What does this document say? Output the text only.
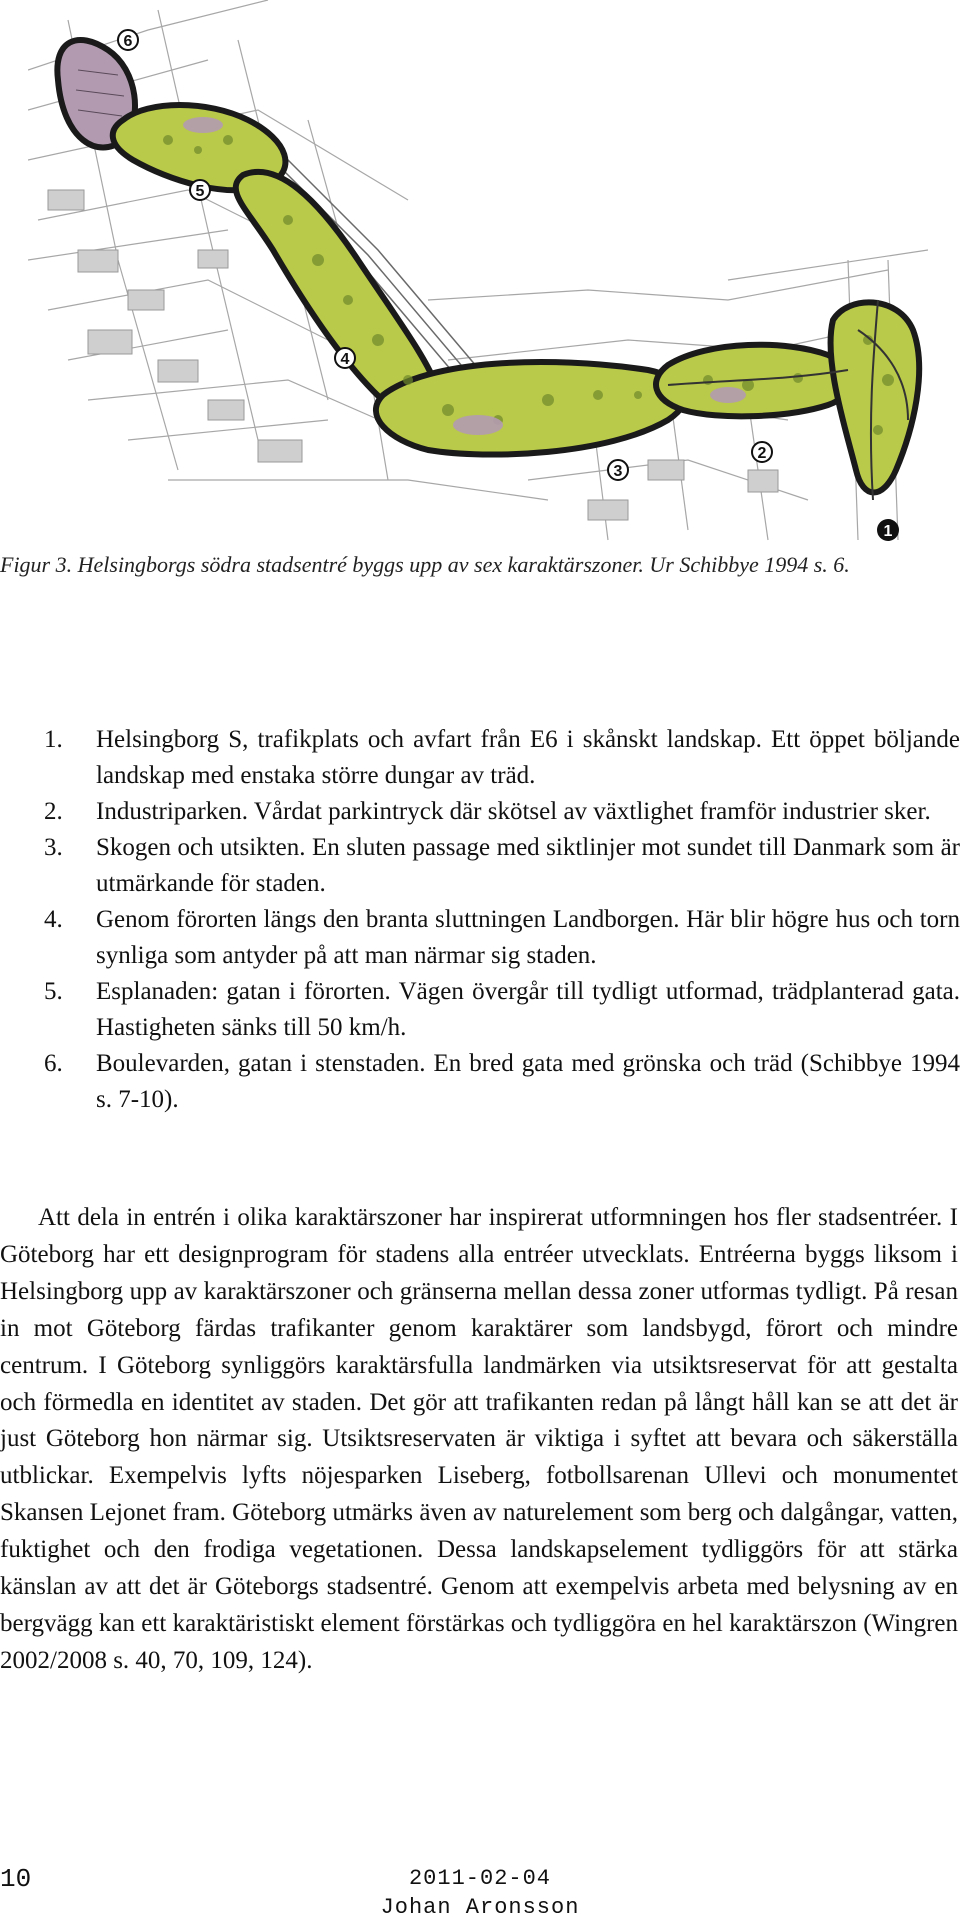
1
2
3
4
5
6

Figur 3. Helsingborgs södra stadsentré byggs upp av sex karaktärszoner. Ur Schibbye 1994 s. 6.

1. Helsingborg S, trafikplats och avfart från E6 i skånskt landskap. Ett öppet böljande landskap med enstaka större dungar av träd.
2. Industriparken. Vårdat parkintryck där skötsel av växtlighet framför industrier sker.
3. Skogen och utsikten. En sluten passage med siktlinjer mot sundet till Danmark som är utmärkande för staden.
4. Genom förorten längs den branta sluttningen Landborgen. Här blir högre hus och torn synliga som antyder på att man närmar sig staden.
5. Esplanaden: gatan i förorten. Vägen övergår till tydligt utformad, trädplanterad gata. Hastigheten sänks till 50 km/h.
6. Boulevarden, gatan i stenstaden. En bred gata med grönska och träd (Schibbye 1994 s. 7-10).

Att dela in entrén i olika karaktärszoner har inspirerat utformningen hos fler stadsentréer. I Göteborg har ett designprogram för stadens alla entréer utvecklats. Entréerna byggs liksom i Helsingborg upp av karaktärszoner och gränserna mellan dessa zoner utformas tydligt. På resan in mot Göteborg färdas trafikanter genom karaktärer som landsbygd, förort och mindre centrum. I Göteborg synliggörs karaktärsfulla landmärken via utsiktsreservat för att gestalta och förmedla en identitet av staden. Det gör att trafikanten redan på långt håll kan se att det är just Göteborg hon närmar sig. Utsiktsreservaten är viktiga i syftet att bevara och säkerställa utblickar. Exempelvis lyfts nöjesparken Liseberg, fotbollsarenan Ullevi och monumentet Skansen Lejonet fram. Göteborg utmärks även av naturelement som berg och dalgångar, vatten, fuktighet och den frodiga vegetationen. Dessa landskapselement tydliggörs för att stärka känslan av att det är Göteborgs stadsentré. Genom att exempelvis arbeta med belysning av en bergvägg kan ett karaktäristiskt element förstärkas och tydliggöra en hel karaktärszon (Wingren 2002/2008 s. 40, 70, 109, 124).

10	2011-02-04
Johan Aronsson
